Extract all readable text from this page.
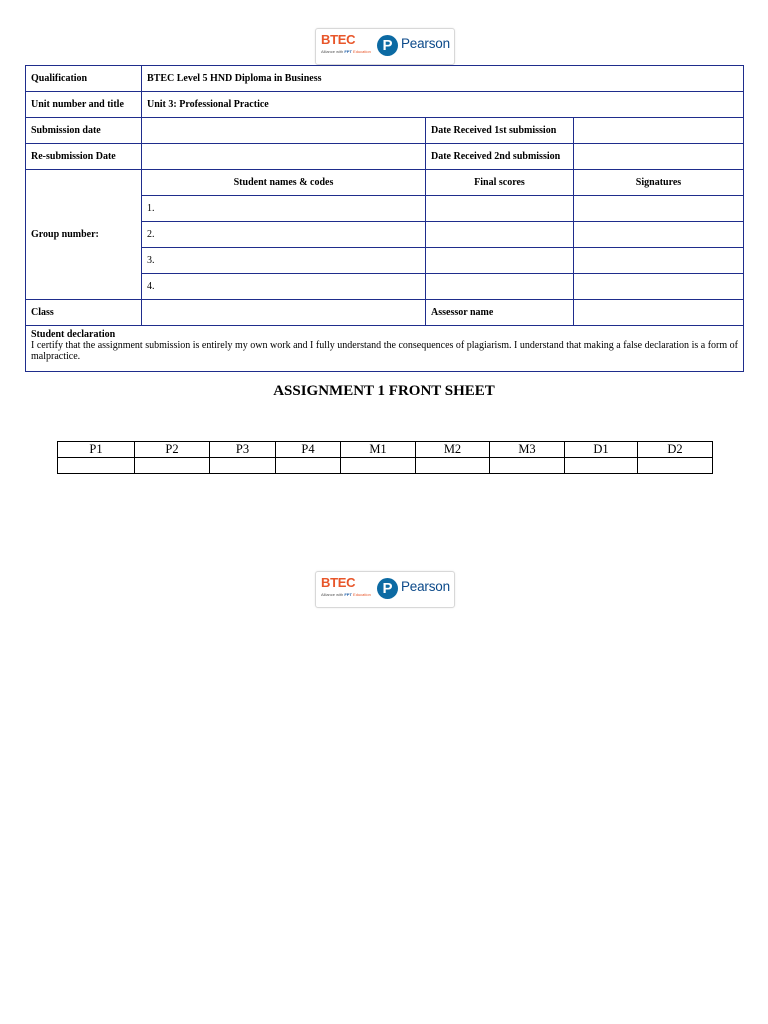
BTEC
Alliance with FPT Education P Pearson
Qualification	BTEC Level 5 HND Diploma in Business		
Unit number and title	Unit 3: Professional Practice		
Submission date		Date Received 1st submission	
Re-submission Date		Date Received 2nd submission	
Group number:	Student names & codes	Final scores	Signatures
	1.		
	2.		
	3.		
	4.		
Class		Assessor name	

Student declaration
I certify that the assignment submission is entirely my own work and I fully understand the consequences of plagiarism. I understand that making a false declaration is a form of malpractice.			
ASSIGNMENT 1 FRONT SHEET
P1	P2	P3	P4	M1	M2	M3	D1	D2

BTEC
Alliance with FPT Education P Pearson
